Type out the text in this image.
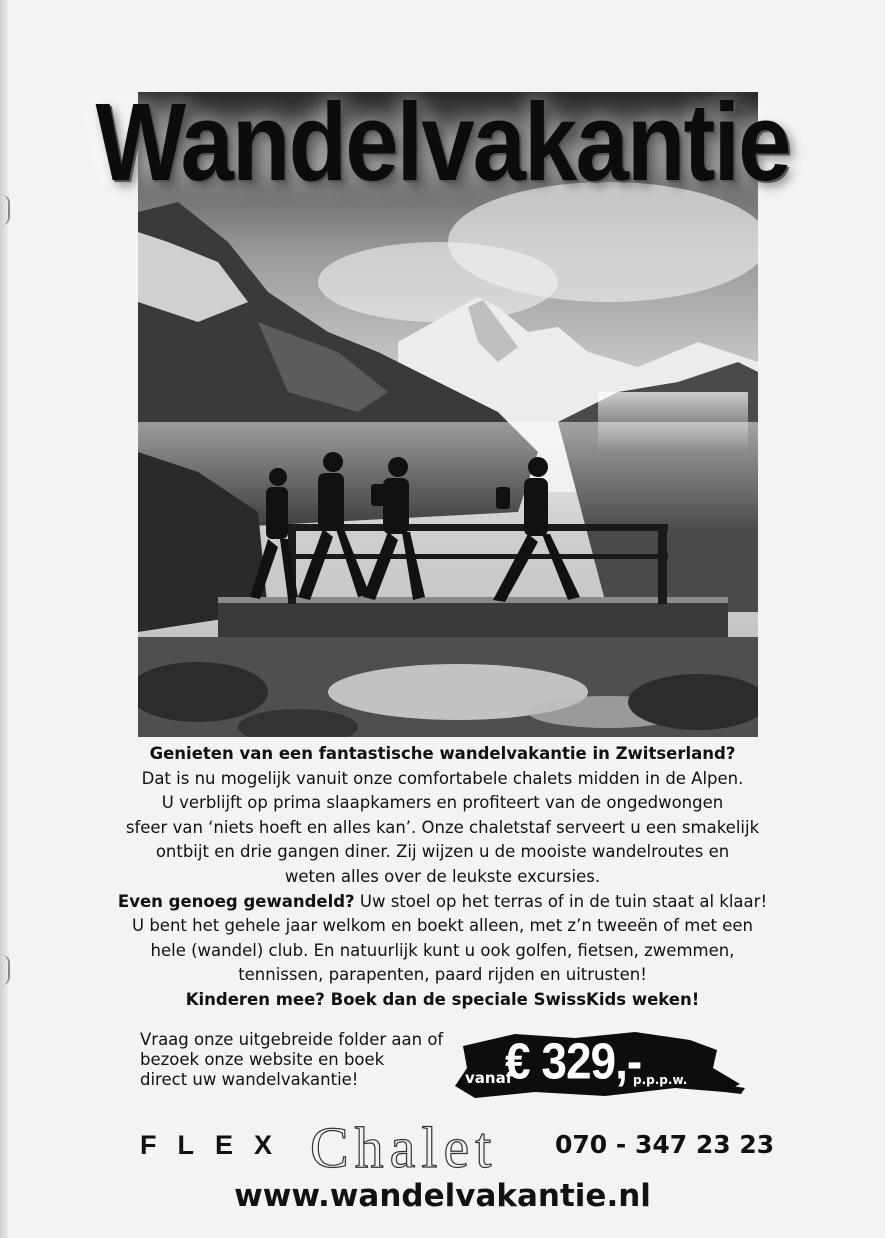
Wandelvakantie
Genieten van een fantastische wandelvakantie in Zwitserland?
Dat is nu mogelijk vanuit onze comfortabele chalets midden in de Alpen.
U verblijft op prima slaapkamers en profiteert van de ongedwongen
sfeer van ‘niets hoeft en alles kan’. Onze chaletstaf serveert u een smakelijk
ontbijt en drie gangen diner. Zij wijzen u de mooiste wandelroutes en
weten alles over de leukste excursies.
Even genoeg gewandeld? Uw stoel op het terras of in de tuin staat al klaar!
U bent het gehele jaar welkom en boekt alleen, met z’n tweeën of met een
hele (wandel) club. En natuurlijk kunt u ook golfen, fietsen, zwemmen,
tennissen, parapenten, paard rijden en uitrusten!
Kinderen mee? Boek dan de speciale SwissKids weken!
Vraag onze uitgebreide folder aan of
bezoek onze website en boek
direct uw wandelvakantie!	vanaf
€ 329,-
p.p.p.w.
FLEX Chalet 070 - 347 23 23
www.wandelvakantie.nl
